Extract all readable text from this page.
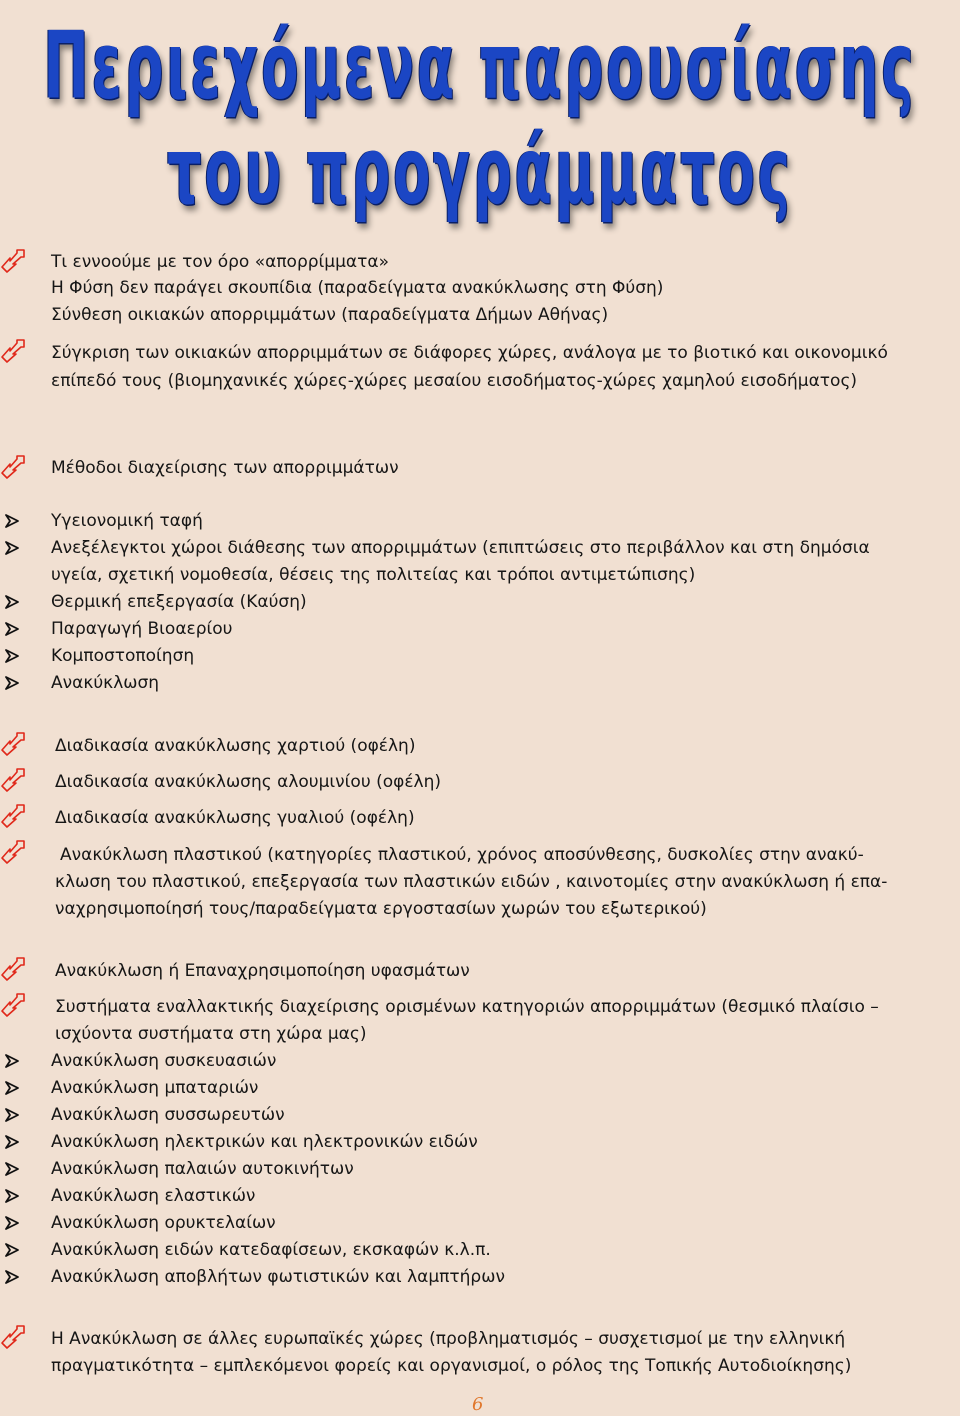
Περιεχόμενα παρουσίασης
του προγράμματος
Τι εννοούμε με τον όρο «απορρίμματα»
Η Φύση δεν παράγει σκουπίδια (παραδείγματα ανακύκλωσης στη Φύση)
Σύνθεση οικιακών απορριμμάτων (παραδείγματα Δήμων Αθήνας)
Σύγκριση των οικιακών απορριμμάτων σε διάφορες χώρες, ανάλογα με το βιοτικό και οικονομικό
επίπεδό τους (βιομηχανικές χώρες-χώρες μεσαίου εισοδήματος-χώρες χαμηλού εισοδήματος)
Μέθοδοι διαχείρισης των απορριμμάτων
Υγειονομική ταφή
Ανεξέλεγκτοι χώροι διάθεσης των απορριμμάτων (επιπτώσεις στο περιβάλλον και στη δημόσια
υγεία, σχετική νομοθεσία, θέσεις της πολιτείας και τρόποι αντιμετώπισης)
Θερμική επεξεργασία (Καύση)
Παραγωγή Βιοαερίου
Κομποστοποίηση
Ανακύκλωση
Διαδικασία ανακύκλωσης χαρτιού (οφέλη)
Διαδικασία ανακύκλωσης αλουμινίου (οφέλη)
Διαδικασία ανακύκλωσης γυαλιού (οφέλη)
Ανακύκλωση πλαστικού (κατηγορίες πλαστικού, χρόνος αποσύνθεσης, δυσκολίες στην ανακύ-
κλωση του πλαστικού, επεξεργασία των πλαστικών ειδών , καινοτομίες στην ανακύκλωση ή επα-
ναχρησιμοποίησή τους/παραδείγματα εργοστασίων χωρών του εξωτερικού)
Ανακύκλωση ή Επαναχρησιμοποίηση υφασμάτων
Συστήματα εναλλακτικής διαχείρισης ορισμένων κατηγοριών απορριμμάτων (θεσμικό πλαίσιο –
ισχύοντα συστήματα στη χώρα μας)
Ανακύκλωση συσκευασιών
Ανακύκλωση μπαταριών
Ανακύκλωση συσσωρευτών
Ανακύκλωση ηλεκτρικών και ηλεκτρονικών ειδών
Ανακύκλωση παλαιών αυτοκινήτων
Ανακύκλωση ελαστικών
Ανακύκλωση ορυκτελαίων
Ανακύκλωση ειδών κατεδαφίσεων, εκσκαφών κ.λ.π.
Ανακύκλωση αποβλήτων φωτιστικών και λαμπτήρων
Η Ανακύκλωση σε άλλες ευρωπαϊκές χώρες (προβληματισμός – συσχετισμοί με την ελληνική
πραγματικότητα – εμπλεκόμενοι φορείς και οργανισμοί, ο ρόλος της Τοπικής Αυτοδιοίκησης)
6
